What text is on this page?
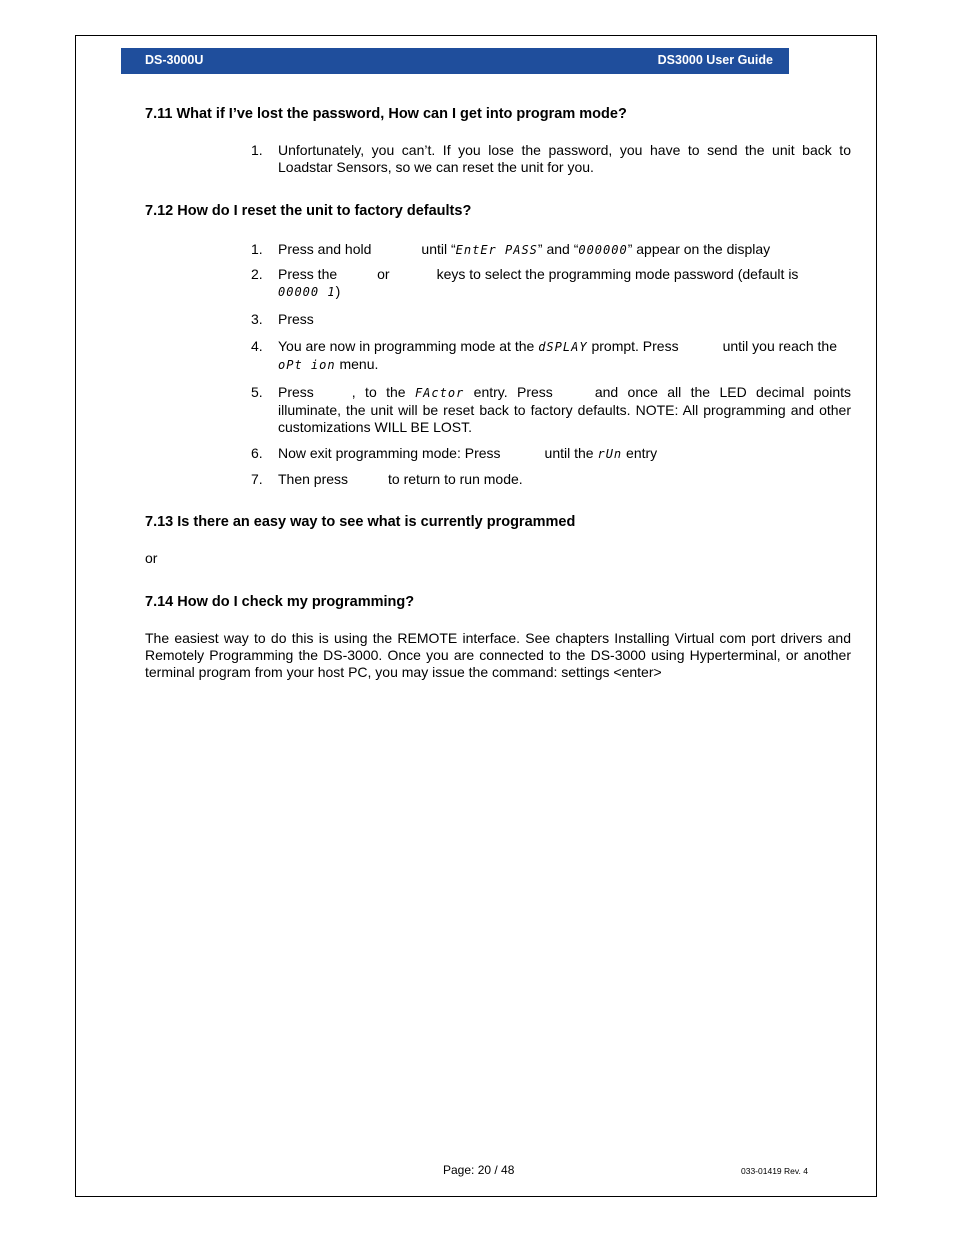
DS-3000U	DS3000 User Guide
7.11 What if I’ve lost the password, How can I get into program mode?
1.	Unfortunately, you can’t. If you lose the password, you have to send the unit back to Loadstar Sensors, so we can reset the unit for you.
7.12 How do I reset the unit to factory defaults?
1.	Press and hold	until “EntEr PASS” and “000000” appear on the display
2.	Press the	or	keys to select the programming mode password (default is
00000 1)
3.	Press
4.	You are now in programming mode at the dSPLAY prompt. Press	until you reach the oPt ion menu.
5.	Press	, to the FActor entry. Press	and once all the LED decimal points illuminate, the unit will be reset back to factory defaults. NOTE: All programming and other customizations WILL BE LOST.
6.	Now exit programming mode: Press	until the rUn entry
7.	Then press	to return to run mode.
7.13 Is there an easy way to see what is currently programmed
or
7.14 How do I check my programming?
The easiest way to do this is using the REMOTE interface. See chapters Installing Virtual com port drivers and Remotely Programming the DS-3000. Once you are connected to the DS-3000 using Hyperterminal, or another terminal program from your host PC, you may issue the command: settings <enter>
Page: 20 / 48	033-01419 Rev. 4
